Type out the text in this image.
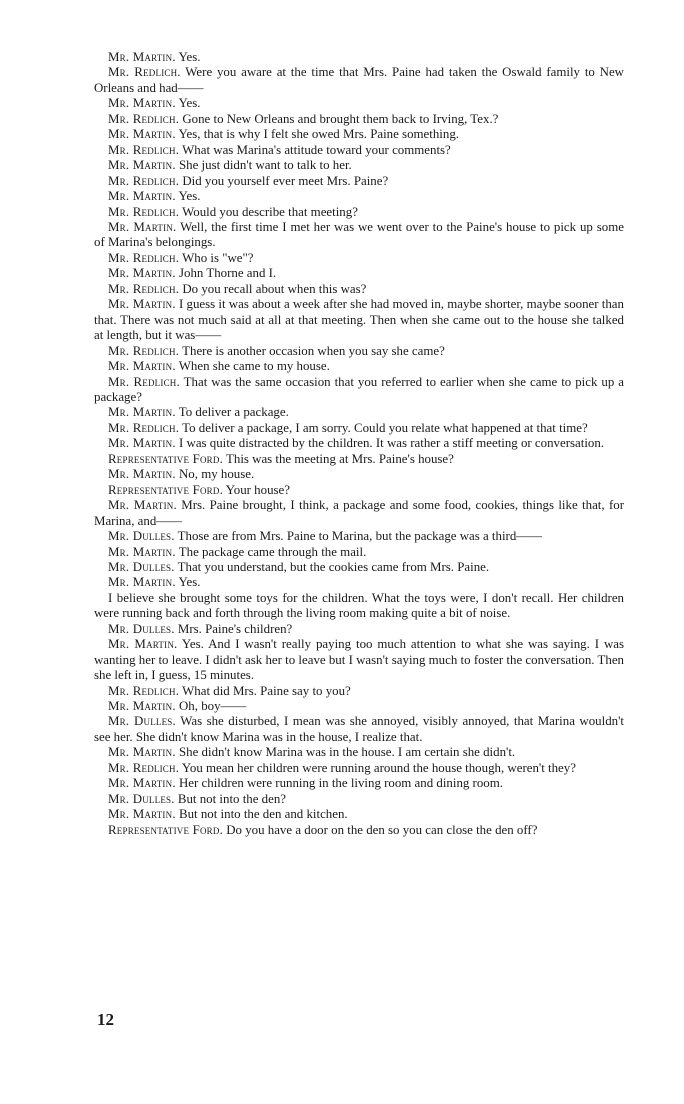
Mr. Martin. Yes.

Mr. Redlich. Were you aware at the time that Mrs. Paine had taken the Oswald family to New Orleans and had——

Mr. Martin. Yes.

Mr. Redlich. Gone to New Orleans and brought them back to Irving, Tex.?

Mr. Martin. Yes, that is why I felt she owed Mrs. Paine something.

Mr. Redlich. What was Marina's attitude toward your comments?

Mr. Martin. She just didn't want to talk to her.

Mr. Redlich. Did you yourself ever meet Mrs. Paine?

Mr. Martin. Yes.

Mr. Redlich. Would you describe that meeting?

Mr. Martin. Well, the first time I met her was we went over to the Paine's house to pick up some of Marina's belongings.

Mr. Redlich. Who is "we"?

Mr. Martin. John Thorne and I.

Mr. Redlich. Do you recall about when this was?

Mr. Martin. I guess it was about a week after she had moved in, maybe shorter, maybe sooner than that. There was not much said at all at that meeting. Then when she came out to the house she talked at length, but it was——

Mr. Redlich. There is another occasion when you say she came?

Mr. Martin. When she came to my house.

Mr. Redlich. That was the same occasion that you referred to earlier when she came to pick up a package?

Mr. Martin. To deliver a package.

Mr. Redlich. To deliver a package, I am sorry. Could you relate what happened at that time?

Mr. Martin. I was quite distracted by the children. It was rather a stiff meeting or conversation.

Representative Ford. This was the meeting at Mrs. Paine's house?

Mr. Martin. No, my house.

Representative Ford. Your house?

Mr. Martin. Mrs. Paine brought, I think, a package and some food, cookies, things like that, for Marina, and——

Mr. Dulles. Those are from Mrs. Paine to Marina, but the package was a third——

Mr. Martin. The package came through the mail.

Mr. Dulles. That you understand, but the cookies came from Mrs. Paine.

Mr. Martin. Yes.

I believe she brought some toys for the children. What the toys were, I don't recall. Her children were running back and forth through the living room making quite a bit of noise.

Mr. Dulles. Mrs. Paine's children?

Mr. Martin. Yes. And I wasn't really paying too much attention to what she was saying. I was wanting her to leave. I didn't ask her to leave but I wasn't saying much to foster the conversation. Then she left in, I guess, 15 minutes.

Mr. Redlich. What did Mrs. Paine say to you?

Mr. Martin. Oh, boy——

Mr. Dulles. Was she disturbed, I mean was she annoyed, visibly annoyed, that Marina wouldn't see her. She didn't know Marina was in the house, I realize that.

Mr. Martin. She didn't know Marina was in the house. I am certain she didn't.

Mr. Redlich. You mean her children were running around the house though, weren't they?

Mr. Martin. Her children were running in the living room and dining room.

Mr. Dulles. But not into the den?

Mr. Martin. But not into the den and kitchen.

Representative Ford. Do you have a door on the den so you can close the den off?

12
